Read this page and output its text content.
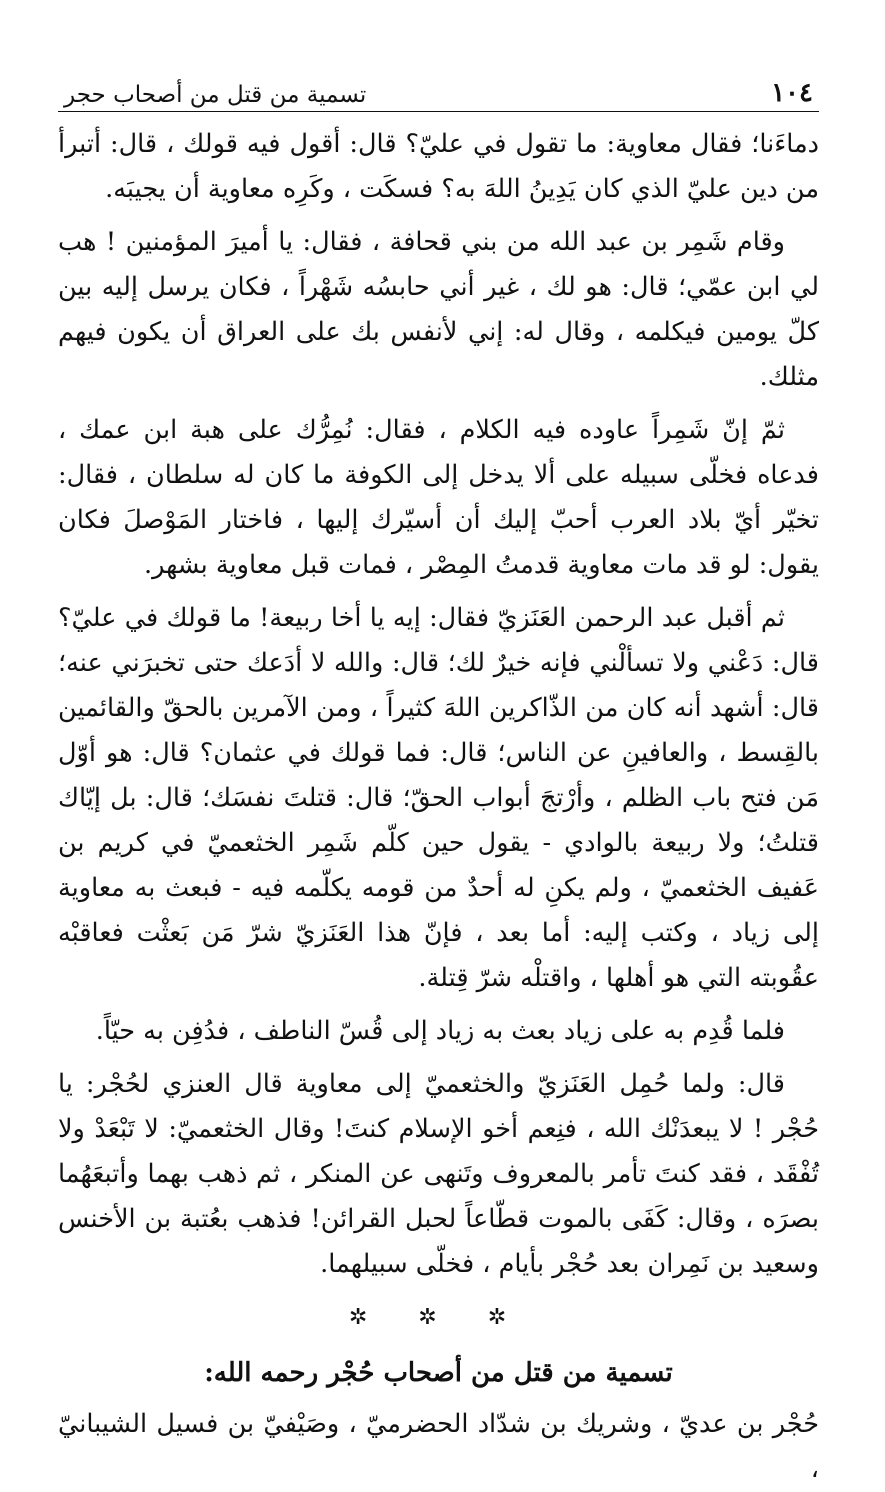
١٠٤
تسمية من قتل من أصحاب حجر

دماءَنا؛ فقال معاوية: ما تقول في عليّ؟ قال: أقول فيه قولك ، قال: أتبرأ من دين عليّ الذي كان يَدِينُ اللهَ به؟ فسكَت ، وكَرِه معاوية أن يجيبَه.

وقام شَمِر بن عبد الله من بني قحافة ، فقال: يا أميرَ المؤمنين ! هب لي ابن عمّي؛ قال: هو لك ، غير أني حابسُه شَهْراً ، فكان يرسل إليه بين كلّ يومين فيكلمه ، وقال له: إني لأنفس بك على العراق أن يكون فيهم مثلك.

ثمّ إنّ شَمِراً عاوده فيه الكلام ، فقال: نُمِرُّك على هبة ابن عمك ، فدعاه فخلّى سبيله على ألا يدخل إلى الكوفة ما كان له سلطان ، فقال: تخيّر أيّ بلاد العرب أحبّ إليك أن أسيّرك إليها ، فاختار المَوْصلَ فكان يقول: لو قد مات معاوية قدمتُ المِصْر ، فمات قبل معاوية بشهر.

ثم أقبل عبد الرحمن العَنَزيّ فقال: إيه يا أخا ربيعة! ما قولك في عليّ؟ قال: دَعْني ولا تسألْني فإنه خيرٌ لك؛ قال: والله لا أدَعك حتى تخبرَني عنه؛ قال: أشهد أنه كان من الذّاكرين اللهَ كثيراً ، ومن الآمرين بالحقّ والقائمين بالقِسط ، والعافينِ عن الناس؛ قال: فما قولك في عثمان؟ قال: هو أوّل مَن فتح باب الظلم ، وأرْتجَ أبواب الحقّ؛ قال: قتلتَ نفسَك؛ قال: بل إيّاك قتلتُ؛ ولا ربيعة بالوادي - يقول حين كلّم شَمِر الخثعميّ في كريم بن عَفيف الخثعميّ ، ولم يكنِ له أحدٌ من قومه يكلّمه فيه - فبعث به معاوية إلى زياد ، وكتب إليه: أما بعد ، فإنّ هذا العَنَزيّ شرّ مَن بَعثْت فعاقبْه عقُوبته التي هو أهلها ، واقتلْه شرّ قِتلة.

فلما قُدِم به على زياد بعث به زياد إلى قُسّ الناطف ، فدُفِن به حيّاً.

قال: ولما حُمِل العَنَزيّ والخثعميّ إلى معاوية قال العنزي لحُجْر: يا حُجْر ! لا يبعدَنْك الله ، فنِعم أخو الإسلام كنتَ! وقال الخثعميّ: لا تَبْعَدْ ولا تُفْقَد ، فقد كنتَ تأمر بالمعروف وتَنهى عن المنكر ، ثم ذهب بهما وأتبعَهُما بصرَه ، وقال: كَفَى بالموت قطّاعاً لحبل القرائن! فذهب بعُتبة بن الأخنس وسعيد بن نَمِران بعد حُجْر بأيام ، فخلّى سبيلهما.

✲ ✲ ✲
تسمية من قتل من أصحاب حُجْر رحمه الله:

حُجْر بن عديّ ، وشريك بن شدّاد الحضرميّ ، وصَيْفيّ بن فسيل الشيبانيّ ،
